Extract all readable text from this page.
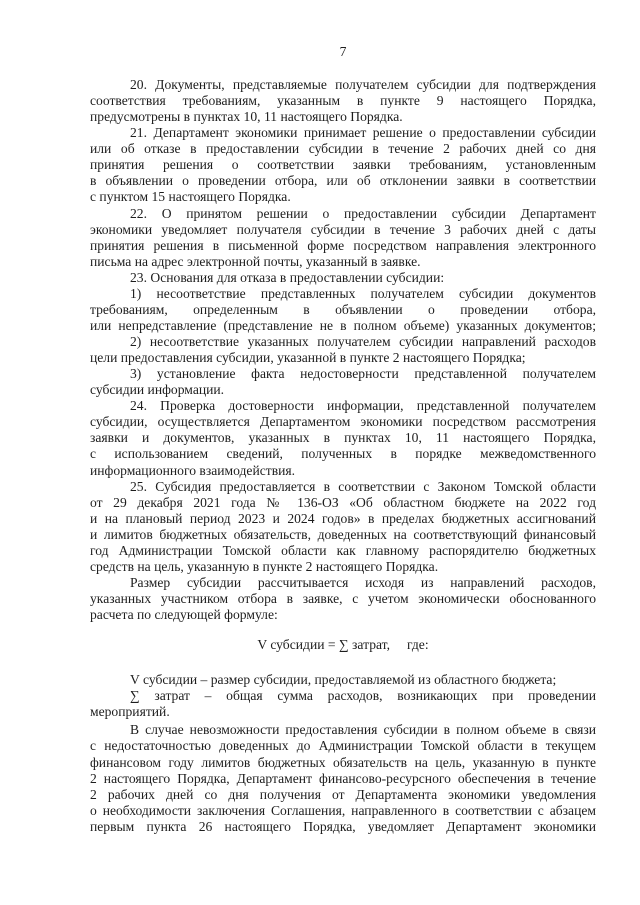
7
20. Документы, представляемые получателем субсидии для подтверждения
соответствия требованиям, указанным в пункте 9 настоящего Порядка,
предусмотрены в пунктах 10, 11 настоящего Порядка.
21. Департамент экономики принимает решение о предоставлении субсидии
или об отказе в предоставлении субсидии в течение 2 рабочих дней со дня
принятия решения о соответствии заявки требованиям, установленным
в объявлении о проведении отбора, или об отклонении заявки в соответствии
с пунктом 15 настоящего Порядка.
22. О принятом решении о предоставлении субсидии Департамент
экономики уведомляет получателя субсидии в течение 3 рабочих дней с даты
принятия решения в письменной форме посредством направления электронного
письма на адрес электронной почты, указанный в заявке.
23. Основания для отказа в предоставлении субсидии:
1) несоответствие представленных получателем субсидии документов
требованиям, определенным в объявлении о проведении отбора,
или непредставление (представление не в полном объеме) указанных документов;
2) несоответствие указанных получателем субсидии направлений расходов
цели предоставления субсидии, указанной в пункте 2 настоящего Порядка;
3) установление факта недостоверности представленной получателем
субсидии информации.
24. Проверка достоверности информации, представленной получателем
субсидии, осуществляется Департаментом экономики посредством рассмотрения
заявки и документов, указанных в пунктах 10, 11 настоящего Порядка,
с использованием сведений, полученных в порядке межведомственного
информационного взаимодействия.
25. Субсидия предоставляется в соответствии с Законом Томской области
от 29 декабря 2021 года № 136-ОЗ «Об областном бюджете на 2022 год
и на плановый период 2023 и 2024 годов» в пределах бюджетных ассигнований
и лимитов бюджетных обязательств, доведенных на соответствующий финансовый
год Администрации Томской области как главному распорядителю бюджетных
средств на цель, указанную в пункте 2 настоящего Порядка.
Размер субсидии рассчитывается исходя из направлений расходов,
указанных участником отбора в заявке, с учетом экономически обоснованного
расчета по следующей формуле:
V субсидии = ∑ затрат,     где:
V субсидии – размер субсидии, предоставляемой из областного бюджета;
∑ затрат – общая сумма расходов, возникающих при проведении
мероприятий.
В случае невозможности предоставления субсидии в полном объеме в связи
с недостаточностью доведенных до Администрации Томской области в текущем
финансовом году лимитов бюджетных обязательств на цель, указанную в пункте
2 настоящего Порядка, Департамент финансово-ресурсного обеспечения в течение
2 рабочих дней со дня получения от Департамента экономики уведомления
о необходимости заключения Соглашения, направленного в соответствии с абзацем
первым пункта 26 настоящего Порядка, уведомляет Департамент экономики
